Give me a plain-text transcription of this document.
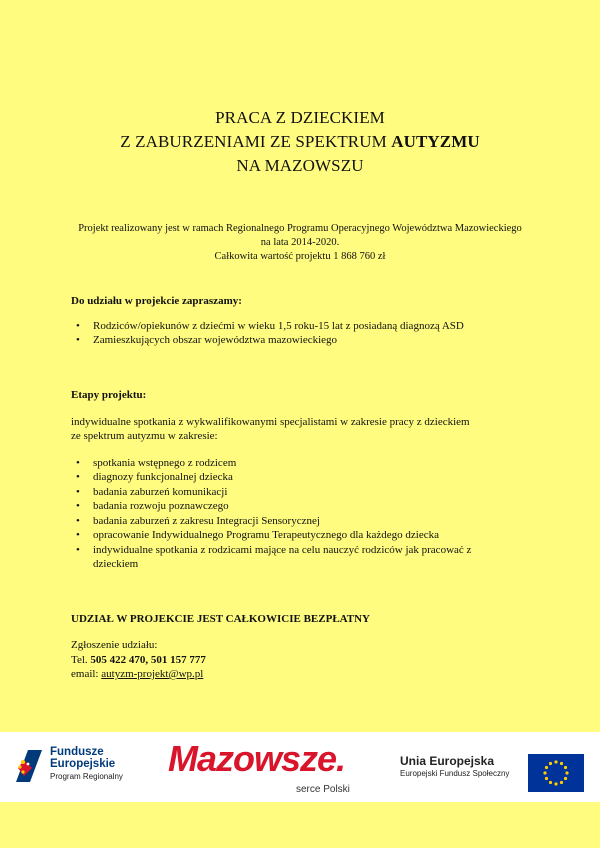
PRACA Z DZIECKIEM
Z ZABURZENIAMI ZE SPEKTRUM AUTYZMU
NA MAZOWSZU
Projekt realizowany jest w ramach Regionalnego Programu Operacyjnego Województwa Mazowieckiego
na lata 2014-2020.
Całkowita wartość projektu 1 868 760 zł
Do udziału w projekcie zapraszamy:
• Rodziców/opiekunów z dziećmi w wieku 1,5 roku-15 lat z posiadaną diagnozą ASD
• Zamieszkujących obszar województwa mazowieckiego
Etapy projektu:
indywidualne spotkania z wykwalifikowanymi specjalistami w zakresie pracy z dzieckiem
ze spektrum autyzmu w zakresie:
• spotkania wstępnego z rodzicem
• diagnozy funkcjonalnej dziecka
• badania zaburzeń komunikacji
• badania rozwoju poznawczego
• badania zaburzeń z zakresu Integracji Sensorycznej
• opracowanie Indywidualnego Programu Terapeutycznego dla każdego dziecka
• indywidualne spotkania z rodzicami mające na celu nauczyć rodziców jak pracować z dzieckiem
UDZIAŁ W PROJEKCIE JEST CAŁKOWICIE BEZPŁATNY
Zgłoszenie udziału:
Tel. 505 422 470, 501 157 777
email: autyzm-projekt@wp.pl
Fundusze
Europejskie
Program Regionalny Mazowsze.
serce Polski
Unia Europejska
Europejski Fundusz Społeczny
